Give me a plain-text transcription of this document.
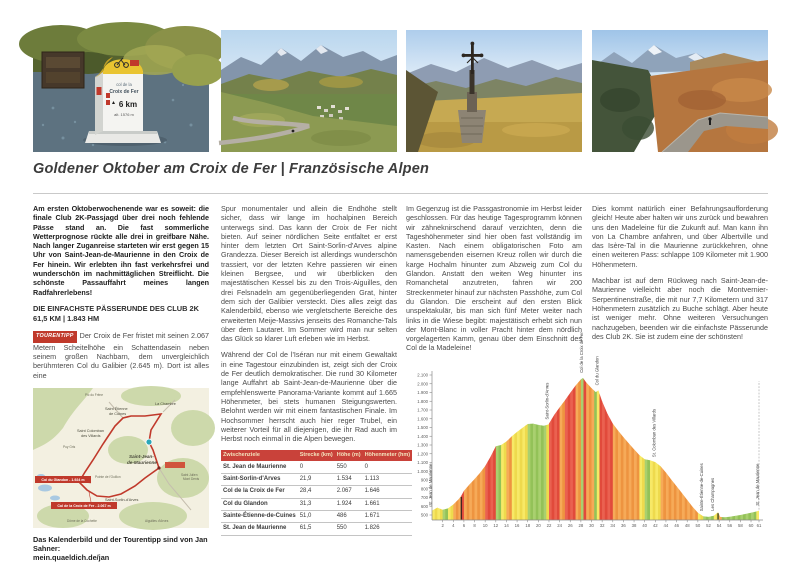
col de la
Croix de Fer
6 km
alt. 1576 m
Goldener Oktober am Croix de Fer | Französische Alpen

Am ersten Oktoberwochenende war es soweit: die finale Club 2K-Passjagd über drei noch fehlende Pässe stand an. Die fast sommerliche Wetterprognose rückte alle drei in greifbare Nähe. Nach langer Zuganreise starteten wir erst gegen 15 Uhr von Saint-Jean-de-Maurienne in den Croix de Fer hinein. Wir erlebten ihn fast verkehrsfrei und wunderschön im nachmittäglichen Streiflicht. Die schönste Passauffahrt meines langen Radfahrerlebens!

DIE EINFACHSTE PÄSSERUNDE DES CLUB 2K
61,5 KM | 1.843 HM

TOURENTIPP Der Croix de Fer fristet mit seinen 2.067 Metern Scheitelhöhe ein Schattendasein neben seinem großen Nachbarn, dem unvergleichlich berühmteren Col du Galibier (2.645 m). Dort ist alles eine

Col du Glandon - 1.924 m
Col de la Croix de Fer - 2.067 m
Saint-Jean-
de-Maurienne
Saint Étienne
de Cuines
La Chambre
Saint Colomban
des Villards
Saint-Sorlin-d'Arves
Pointe de l'Ouillon
Puy Gris
Pic du Frêne
Dôme de la Cochette	Aiguilles d'Arves
Saint Julien
Mont Denis
Das Kalenderbild und der Tourentipp sind von Jan Sahner:
mein.quaeldich.de/jan

Spur monumentaler und allein die Endhöhe stellt sicher, dass wir lange im hochalpinen Bereich unterwegs sind. Das kann der Croix de Fer nicht bieten. Auf seiner nördlichen Seite entfaltet er erst hinter dem letzten Ort Saint-Sorlin-d'Arves alpine Grandezza. Dieser Bereich ist allerdings wunderschön trassiert, vor der letzten Kehre passieren wir einen kleinen Bergsee, und wir überblicken den majestätischen Kessel bis zu den Trois-Aiguilles, den drei Felsnadeln am gegenüberliegenden Grat, hinter dem sich der Galibier versteckt. Dies alles zeigt das Kalenderbild, ebenso wie vergletscherte Bereiche des erweiterten Meije-Massivs jenseits des Romanche-Tals über dem Lautaret. Im Sommer wird man nur selten das Glück so klarer Luft erleben wie im Herbst.

Während der Col de l'Iséran nur mit einem Gewaltakt in eine Tagestour einzubinden ist, zeigt sich der Croix de Fer deutlich demokratischer. Die rund 30 Kilometer lange Auffahrt ab Saint-Jean-de-Maurienne über die empfehlenswerte Panorama-Variante kommt auf 1.665 Höhenmeter, bei stets humanen Steigungswerten. Belohnt werden wir mit einem fantastischen Finale. Im Hochsommer herrscht auch hier reger Trubel, ein weiterer Vorteil für all diejenigen, die ihr Rad auch im Herbst noch einmal in die Alpen bewegen.

Zwischenziele	Strecke (km)	Höhe (m)	Höhenmeter (hm)
St. Jean de Maurienne	0	550	0
Saint-Sorlin-d'Arves	21,9	1.534	1.113
Col de la Croix de Fer	28,4	2.067	1.646
Col du Glandon	31,3	1.924	1.661
Sainte-Étienne-de-Cuines	51,0	486	1.671
St. Jean de Maurienne	61,5	550	1.826

Im Gegenzug ist die Passgastronomie im Herbst leider geschlossen. Für das heutige Tagesprogramm können wir zähneknirschend darauf verzichten, denn die Tageshöhenmeter sind hier oben fast vollständig im Kasten. Nach einem obligatorischen Foto am namensgebenden eisernen Kreuz rollen wir durch die karge Hochalm hinunter zum Abzweig zum Col du Glandon. Anstatt den weiten Weg hinunter ins Romanchetal anzutreten, fahren wir 200 Streckenmeter hinauf zur nächsten Passhöhe, zum Col du Glandon. Die erscheint auf den ersten Blick unspektakulär, bis man sich fünf Meter weiter nach links in die Wiese begibt: majestätisch erhebt sich nun der Mont-Blanc in voller Pracht hinter dem nördlich vorgelagerten Kamm, genau über dem Einschnitt des Col de la Madeleine!

Dies kommt natürlich einer Befahrungsaufforderung gleich! Heute aber halten wir uns zurück und bewahren uns den Madeleine für die Zukunft auf. Man kann ihn von La Chambre anfahren, und über Albertville und das Isère-Tal in die Maurienne zurückkehren, ohne einen weiteren Pass: schlappe 109 Kilometer mit 1.900 Höhenmetern.

Machbar ist auf dem Rückweg nach Saint-Jean-de-Maurienne vielleicht aber noch die Montvernier-Serpentinenstraße, die mit nur 7,7 Kilometern und 317 Höhenmetern zusätzlich zu Buche schlägt. Aber heute ist weniger mehr. Ohne weiteren Versuchungen nachzugeben, beenden wir die einfachste Pässerunde des Club 2K. Sie ist zudem eine der schönsten!

500
600
700
800
900
1.000
1.100
1.200
1.300
1.400
1.500
1.600
1.700
1.800
1.900
2.000
2.100
2 4 6 8 10 12 14 16 18 20 22 24 26 28 30 32 34 36 38 40 42 44 46 48 50 52 54 56 58 60 61
St. Jean de Maurienne
Saint-Sorlin-d'Arves
Col de la Croix de Fer Col du Glandon
St. Colomban des Villards
Sainte-Étienne-de-Cuines Les Champagnes	St. Jean de Maurienne
